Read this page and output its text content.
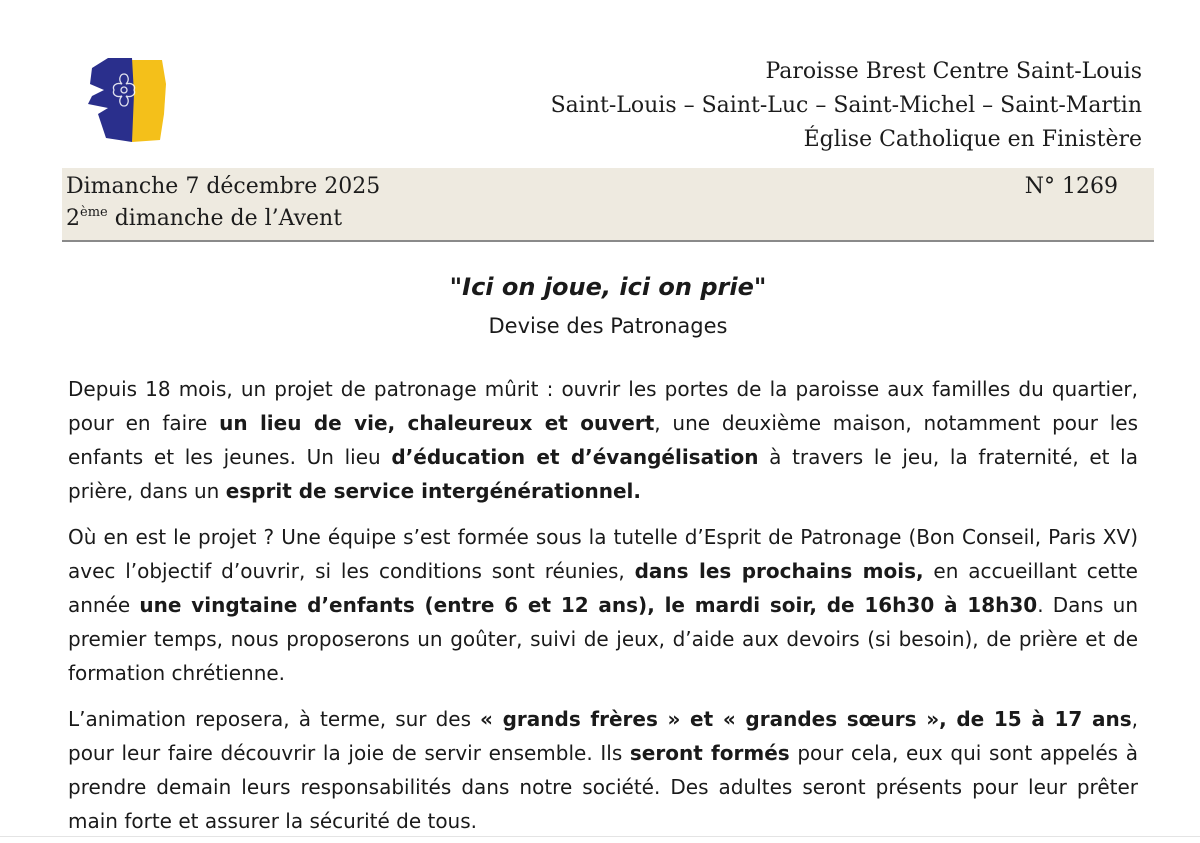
Paroisse Brest Centre Saint-Louis
Saint-Louis – Saint-Luc – Saint-Michel – Saint-Martin
Église Catholique en Finistère
Dimanche 7 décembre 2025
2ème dimanche de l’Avent
N° 1269
"Ici on joue, ici on prie"
Devise des Patronages

Depuis 18 mois, un projet de patronage mûrit : ouvrir les portes de la paroisse aux familles du quartier, pour en faire un lieu de vie, chaleureux et ouvert, une deuxième maison, notamment pour les enfants et les jeunes. Un lieu d’éducation et d’évangélisation à travers le jeu, la fraternité, et la prière, dans un esprit de service intergénérationnel.

Où en est le projet ? Une équipe s’est formée sous la tutelle d’Esprit de Patronage (Bon Conseil, Paris XV) avec l’objectif d’ouvrir, si les conditions sont réunies, dans les prochains mois, en accueillant cette année une vingtaine d’enfants (entre 6 et 12 ans), le mardi soir, de 16h30 à 18h30. Dans un premier temps, nous proposerons un goûter, suivi de jeux, d’aide aux devoirs (si besoin), de prière et de formation chrétienne.

L’animation reposera, à terme, sur des « grands frères » et « grandes sœurs », de 15 à 17 ans, pour leur faire découvrir la joie de servir ensemble. Ils seront formés pour cela, eux qui sont appelés à prendre demain leurs responsabilités dans notre société. Des adultes seront présents pour leur prêter main forte et assurer la sécurité de tous.
